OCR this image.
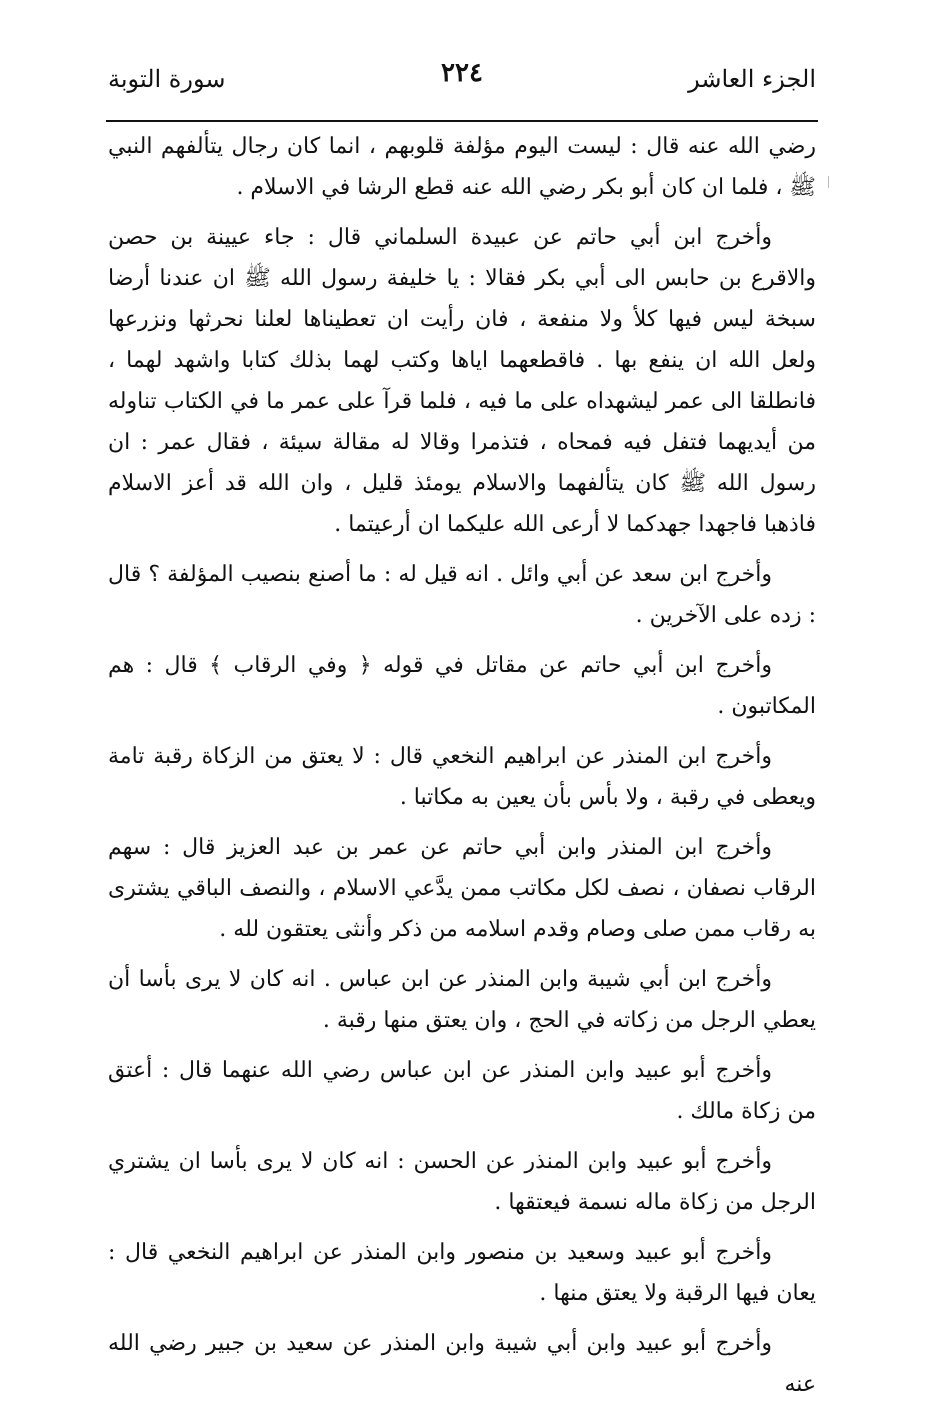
الجزء العاشر
٢٢٤
سورة التوبة

رضي الله عنه قال : ليست اليوم مؤلفة قلوبهم ، انما كان رجال يتألفهم النبي ﷺ ، فلما ان كان أبو بكر رضي الله عنه قطع الرشا في الاسلام .

وأخرج ابن أبي حاتم عن عبيدة السلماني قال : جاء عيينة بن حصن والاقرع بن حابس الى أبي بكر فقالا : يا خليفة رسول الله ﷺ ان عندنا أرضا سبخة ليس فيها كلأ ولا منفعة ، فان رأيت ان تعطيناها لعلنا نحرثها ونزرعها ولعل الله ان ينفع بها . فاقطعهما اياها وكتب لهما بذلك كتابا واشهد لهما ، فانطلقا الى عمر ليشهداه على ما فيه ، فلما قرآ على عمر ما في الكتاب تناوله من أيديهما فتفل فيه فمحاه ، فتذمرا وقالا له مقالة سيئة ، فقال عمر : ان رسول الله ﷺ كان يتألفهما والاسلام يومئذ قليل ، وان الله قد أعز الاسلام فاذهبا فاجهدا جهدكما لا أرعى الله عليكما ان أرعيتما .

وأخرج ابن سعد عن أبي وائل . انه قيل له : ما أصنع بنصيب المؤلفة ؟ قال : زده على الآخرين .

وأخرج ابن أبي حاتم عن مقاتل في قوله ﴿ وفي الرقاب ﴾ قال : هم المكاتبون .

وأخرج ابن المنذر عن ابراهيم النخعي قال : لا يعتق من الزكاة رقبة تامة ويعطى في رقبة ، ولا بأس بأن يعين به مكاتبا .

وأخرج ابن المنذر وابن أبي حاتم عن عمر بن عبد العزيز قال : سهم الرقاب نصفان ، نصف لكل مكاتب ممن يدَّعي الاسلام ، والنصف الباقي يشترى به رقاب ممن صلى وصام وقدم اسلامه من ذكر وأنثى يعتقون لله .

وأخرج ابن أبي شيبة وابن المنذر عن ابن عباس . انه كان لا يرى بأسا أن يعطي الرجل من زكاته في الحج ، وان يعتق منها رقبة .

وأخرج أبو عبيد وابن المنذر عن ابن عباس رضي الله عنهما قال : أعتق من زكاة مالك .

وأخرج أبو عبيد وابن المنذر عن الحسن : انه كان لا يرى بأسا ان يشتري الرجل من زكاة ماله نسمة فيعتقها .

وأخرج أبو عبيد وسعيد بن منصور وابن المنذر عن ابراهيم النخعي قال : يعان فيها الرقبة ولا يعتق منها .

وأخرج أبو عبيد وابن أبي شيبة وابن المنذر عن سعيد بن جبير رضي الله عنه
